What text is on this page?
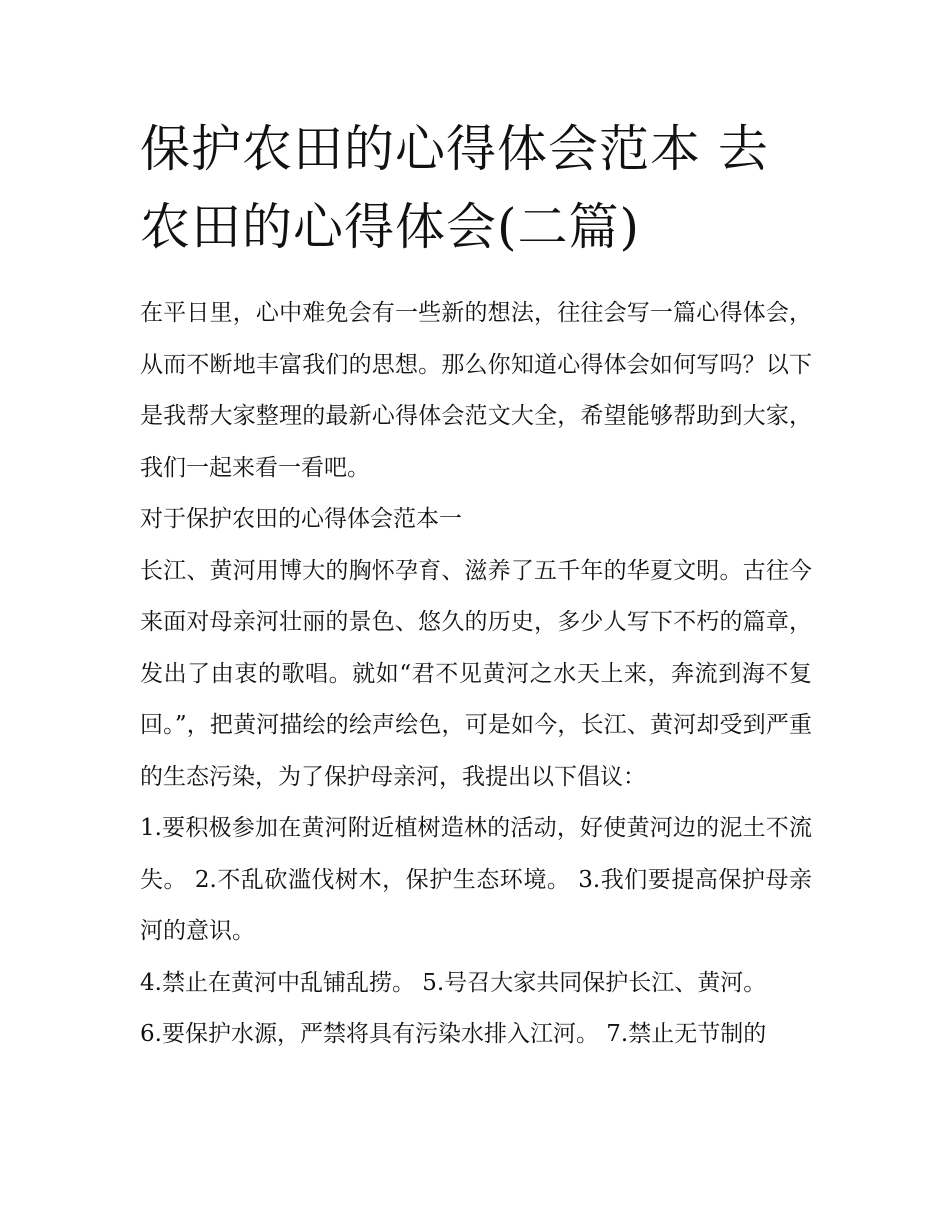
保护农田的心得体会范本 去农田的心得体会(二篇)

在平日里，心中难免会有一些新的想法，往往会写一篇心得体会，从而不断地丰富我们的思想。那么你知道心得体会如何写吗？以下是我帮大家整理的最新心得体会范文大全，希望能够帮助到大家，我们一起来看一看吧。

对于保护农田的心得体会范本一

长江、黄河用博大的胸怀孕育、滋养了五千年的华夏文明。古往今来面对母亲河壮丽的景色、悠久的历史，多少人写下不朽的篇章，发出了由衷的歌唱。就如“君不见黄河之水天上来，奔流到海不复回。”，把黄河描绘的绘声绘色，可是如今，长江、黄河却受到严重的生态污染，为了保护母亲河，我提出以下倡议：

1.要积极参加在黄河附近植树造林的活动，好使黄河边的泥土不流失。 2.不乱砍滥伐树木，保护生态环境。 3.我们要提高保护母亲河的意识。

4.禁止在黄河中乱铺乱捞。 5.号召大家共同保护长江、黄河。

6.要保护水源，严禁将具有污染水排入江河。 7.禁止无节制的
